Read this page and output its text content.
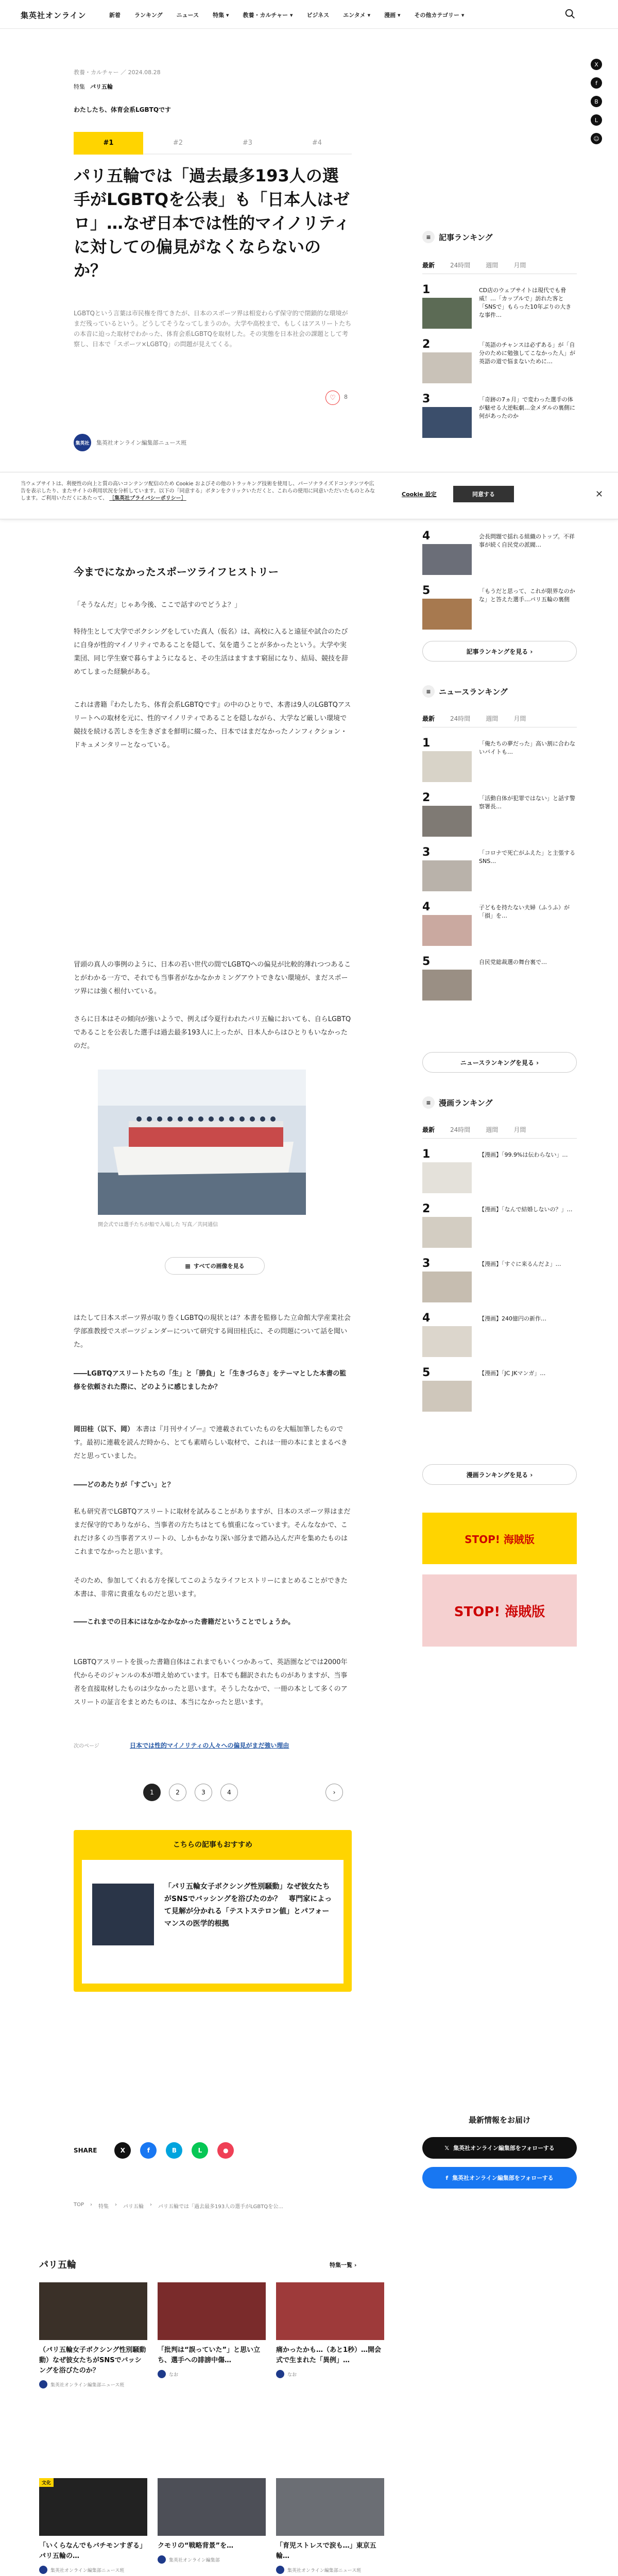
集英社オンライン	新着 ランキング ニュース 特集 ▾ 教養・カルチャー ▾ ビジネス エンタメ ▾ 漫画 ▾ その他カテゴリー ▾
X
f
B
L
☺
教養・カルチャー ／ 2024.08.28
特集 パリ五輪
わたしたち、体育会系LGBTQです
#1	#2	#3	#4
パリ五輪では「過去最多193人の選手がLGBTQを公表」も「日本人はゼロ」…なぜ日本では性的マイノリティに対しての偏見がなくならないのか？

LGBTQという言葉は市民権を得てきたが、日本のスポーツ界は相変わらず保守的で閉鎖的な環境がまだ残っているという。どうしてそうなってしまうのか。大学や高校まで、もしくはアスリートたちの本音に迫った取材でわかった、体育会系LGBTQを取材した。その実態を日本社会の課題として考察し、日本で「スポーツ×LGBTQ」の問題が見えてくる。

♡ 8
集英社	集英社オンライン編集部ニュース班
当ウェブサイトは、利便性の向上と質の高いコンテンツ配信のため Cookie およびその他のトラッキング技術を使用し、パーソナライズドコンテンツや広告を表示したり、またサイトの利用状況を分析しています。以下の「同意する」ボタンをクリックいただくと、これらの使用に同意いただいたものとみなします。ご利用いただくにあたって、 ［集英社プライバシーポリシー］
Cookie 設定	同意する	✕
今までになかったスポーツライフヒストリー

「そうなんだ」じゃあ今後、ここで話すのでどうよ？」

特待生として大学でボクシングをしていた真人（仮名）は、高校に入ると遠征や試合のたびに自身が性的マイノリティであることを隠して、気を遣うことが多かったという。大学や実業団、同じ学生寮で暮らすようになると、その生活はますます窮屈になり、結局、競技を辞めてしまった経験がある。

これは書籍『わたしたち、体育会系LGBTQです』の中のひとりで、本書は9人のLGBTQアスリートへの取材を元に、性的マイノリティであることを隠しながら、大学など厳しい環境で競技を続ける苦しさを生きざまを鮮明に綴った、日本ではまだなかったノンフィクション・ドキュメンタリーとなっている。

冒頭の真人の事例のように、日本の若い世代の間でLGBTQへの偏見が比較的薄れつつあることがわかる一方で、それでも当事者がなかなかカミングアウトできない環境が、まだスポーツ界には強く根付いている。

さらに日本はその傾向が強いようで、例えば今夏行われたパリ五輪においても、自らLGBTQであることを公表した選手は過去最多193人に上ったが、日本人からはひとりもいなかったのだ。

開会式では選手たちが船で入場した 写真／共同通信
▦ すべての画像を見る

はたして日本スポーツ界が取り巻くLGBTQの現状とは？本書を監修した立命館大学産業社会学部准教授でスポーツジェンダーについて研究する岡田桂氏に、その問題について話を聞いた。

――LGBTQアスリートたちの「生」と「勝負」と「生きづらさ」をテーマとした本書の監修を依頼された際に、どのように感じましたか？

岡田桂（以下、岡） 本書は『月刊サイゾー』で連載されていたものを大幅加筆したものです。最初に連載を読んだ時から、とても素晴らしい取材で、これは一冊の本にまとまるべきだと思っていました。

――どのあたりが「すごい」と？

私も研究者でLGBTQアスリートに取材を試みることがありますが、日本のスポーツ界はまだまだ保守的でありながら、当事者の方たちはとても慎重になっています。そんななかで、これだけ多くの当事者アスリートの、しかもかなり深い部分まで踏み込んだ声を集めたものはこれまでなかったと思います。

そのため、参加してくれる方を探してこのようなライフヒストリーにまとめることができた本書は、非常に貴重なものだと思います。

――これまでの日本にはなかなかなかった書籍だということでしょうか。

LGBTQアスリートを扱った書籍自体はこれまでもいくつかあって、英語圏などでは2000年代からそのジャンルの本が増え始めています。日本でも翻訳されたものがありますが、当事者を直接取材したものは少なかったと思います。そうしたなかで、一冊の本として多くのアスリートの証言をまとめたものは、本当になかったと思います。

次のページ	日本では性的マイノリティの人々への偏見がまだ強い理由
1	2	3	4	›
こちらの記事もおすすめ
「パリ五輪女子ボクシング性別騒動」なぜ彼女たちがSNSでバッシングを浴びたのか？　専門家によって見解が分かれる「テストステロン値」とパフォーマンスの医学的根拠
SHARE	X	f	B	L	●
TOP › 特集 › パリ五輪 › パリ五輪では「過去最多193人の選手がLGBTQを公...
≡	記事ランキング
最新	24時間	週間	月間
1	CD店のウェブサイトは現代でも脅威！…「カップルで」訪れた客と「SNSで」もらった10年ぶりの大きな事件…
2	「英語のチャンスは必ずある」が「自分のために勉強してこなかった人」が英語の道で悩まないために…
3	「奇跡の7ヵ月」で変わった選手の体が魅せる大逆転劇…金メダルの裏側に何があったのか
4	会長問題で揺れる組織のトップ。不祥事が続く自民党の派閥…
5	「もうだと思って、これが限界なのかな」と答えた選手…パリ五輪の裏側
記事ランキングを見る ›
≡	ニュースランキング
最新	24時間	週間	月間
1	「俺たちの夢だった」高い割に合わないバイトも…
2	「活動自体が犯罪ではない」と話す警察署長…
3	「コロナで死亡がふえた」と主張するSNS…
4	子どもを持たない夫婦（ふうふ）が「損」を…
5	自民党総裁選の舞台裏で…
ニュースランキングを見る ›
≡	漫画ランキング
最新	24時間	週間	月間
1	【漫画】「99.9%は伝わらない」…
2	【漫画】「なんで結婚しないの？」…
3	【漫画】「すぐに来るんだよ」…
4	【漫画】240億円の新作…
5	【漫画】「JC JKマンガ」…
漫画ランキングを見る ›
STOP! 海賊版
STOP! 海賊版
最新情報をお届け
𝕏 集英社オンライン編集部をフォローする
f 集英社オンライン編集部をフォローする
パリ五輪	特集一覧 ›
（パリ五輪女子ボクシング性別騒動動）なぜ彼女たちがSNSでバッシングを浴びたのか？
集英社オンライン編集部ニュース班
「批判は“誤っていた”」と思い立ち、選手への誹謗中傷…
なお
痛かったかも…（あと1秒）…開会式で生まれた「異例」…
なお
文化
「いくらなんでもバチモンすぎる」パリ五輪の…
集英社オンライン編集部ニュース班
クモリの“戦略背景”を…
集英社オンライン編集部
「育児ストレスで涙も…」東京五輪…
集英社オンライン編集部ニュース班
